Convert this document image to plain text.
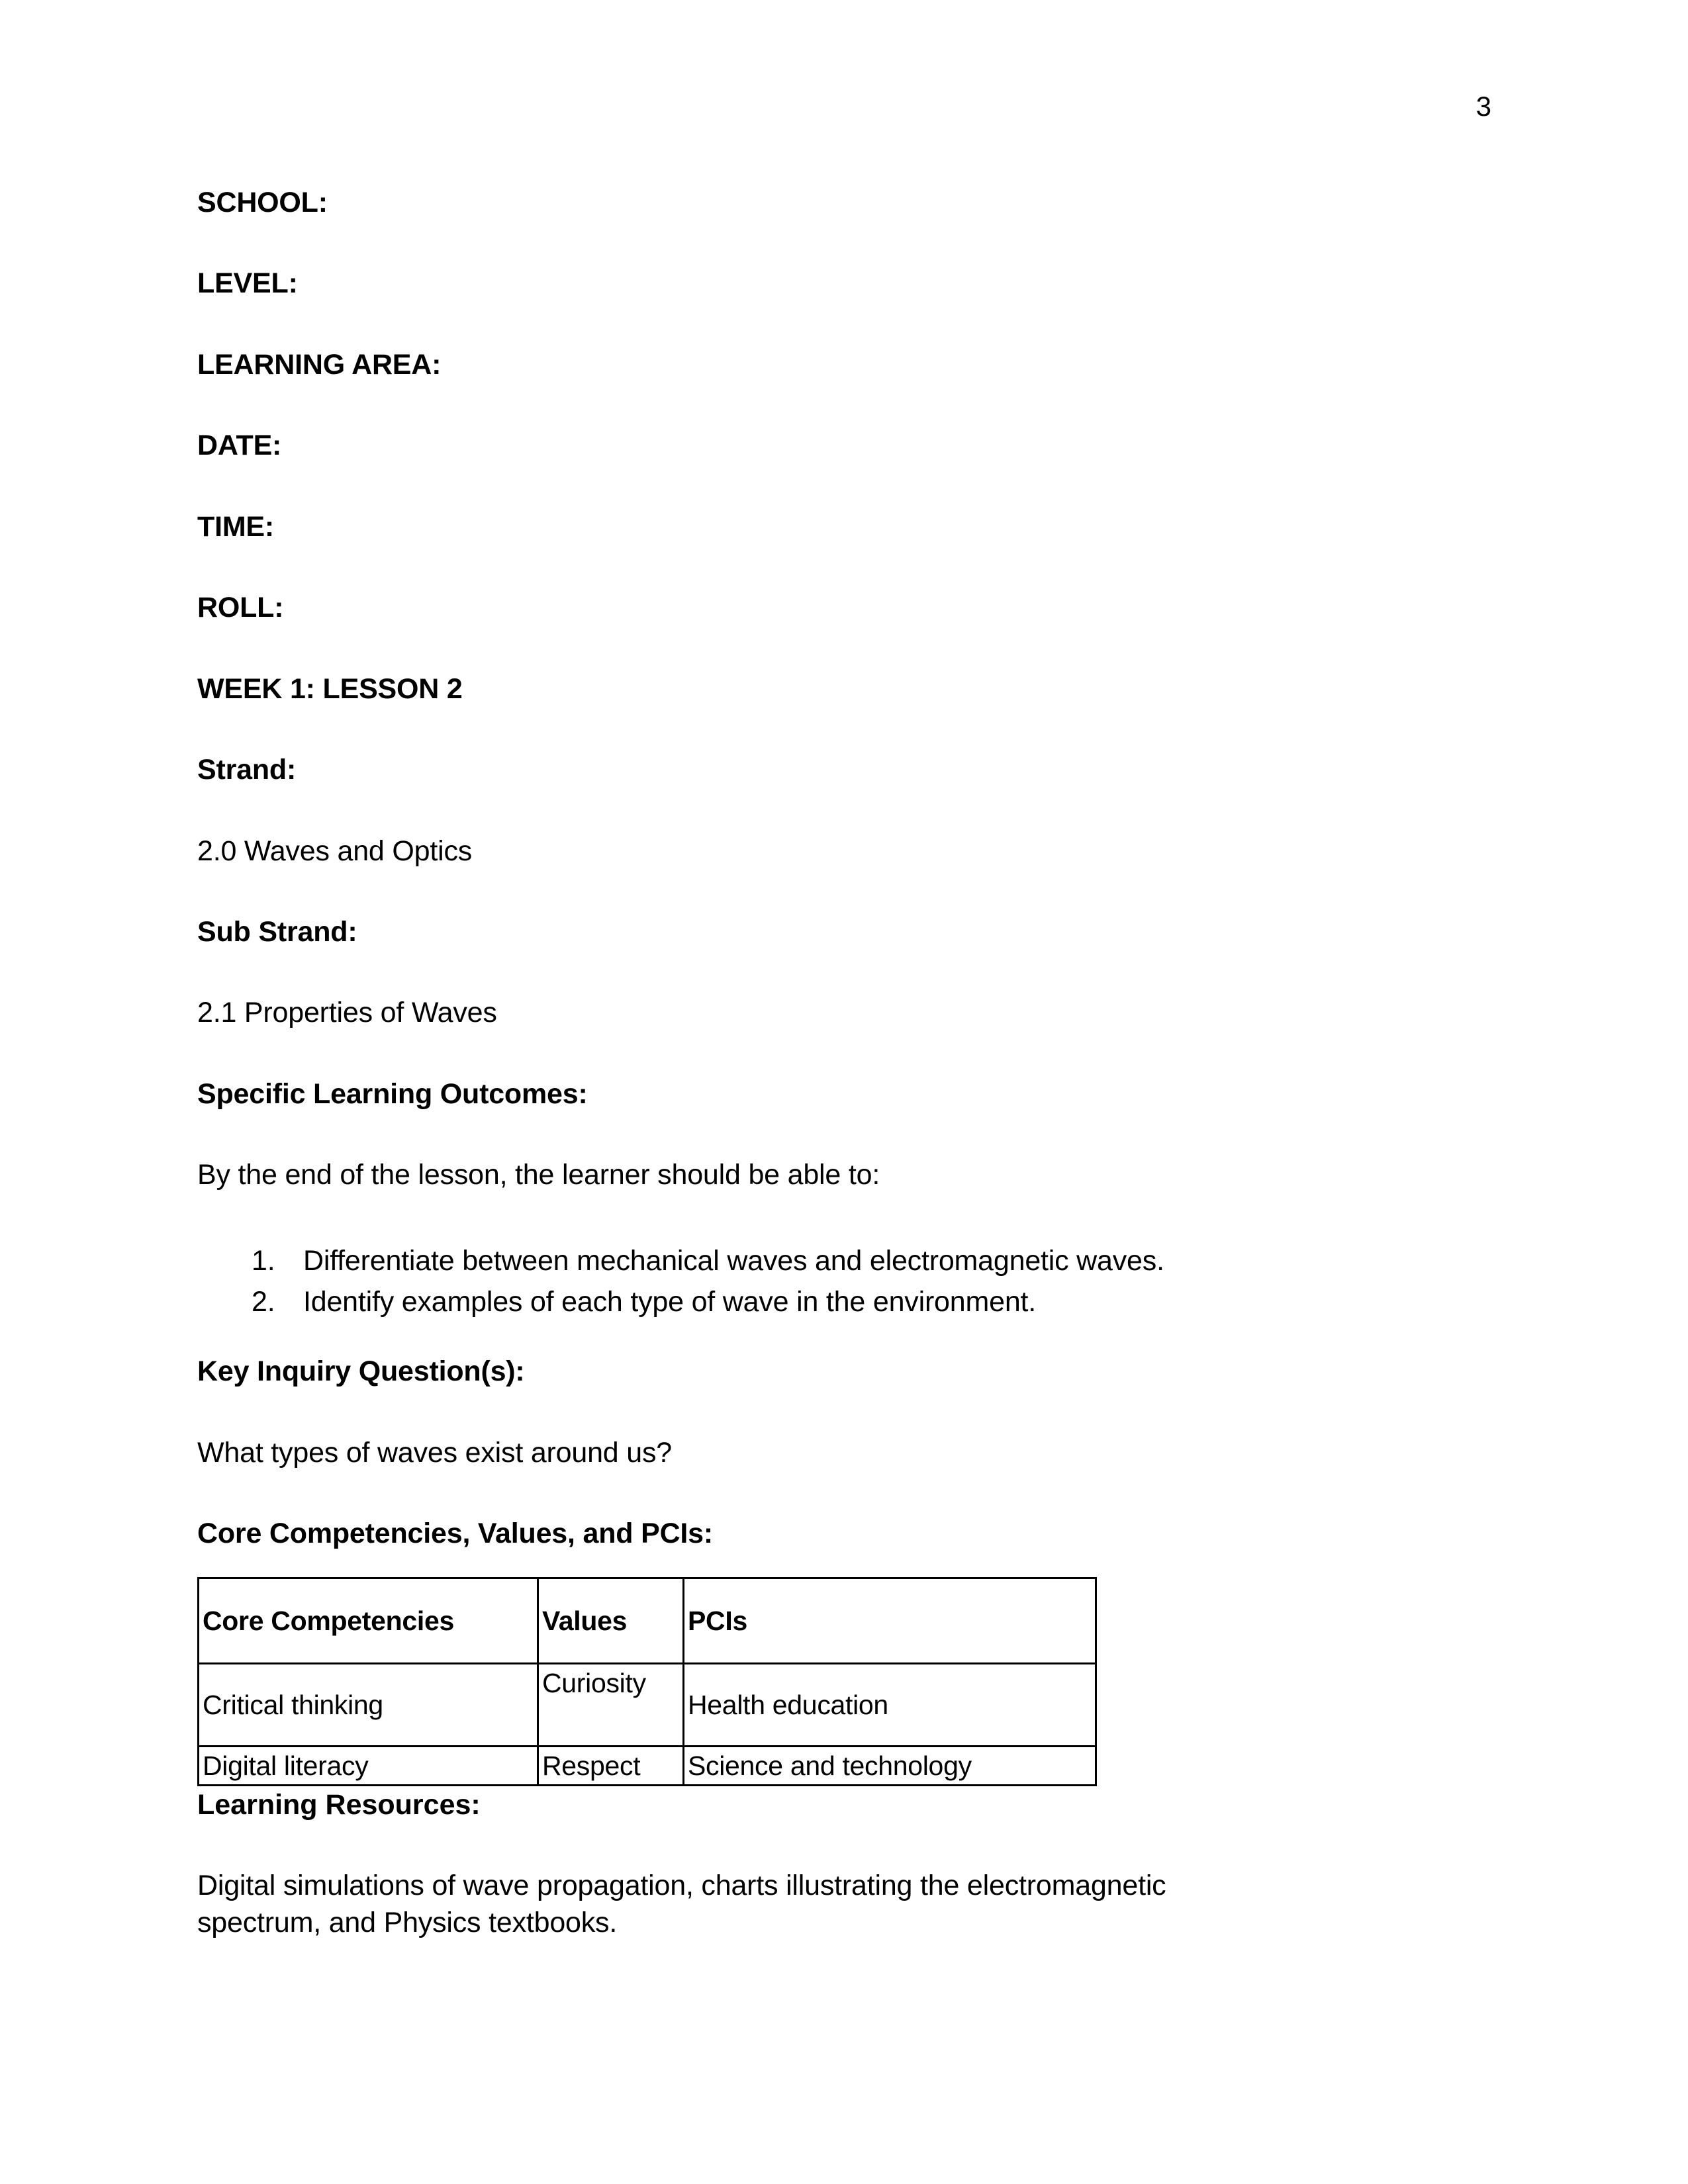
3

SCHOOL:

LEVEL:

LEARNING AREA:

DATE:

TIME:

ROLL:

WEEK 1: LESSON 2

Strand:

2.0 Waves and Optics

Sub Strand:

2.1 Properties of Waves

Specific Learning Outcomes:

By the end of the lesson, the learner should be able to:

Differentiate between mechanical waves and electromagnetic waves.
Identify examples of each type of wave in the environment.

Key Inquiry Question(s):

What types of waves exist around us?

Core Competencies, Values, and PCIs:

Core Competencies	Values	PCIs
Critical thinking	Curiosity	Health education
Digital literacy	Respect	Science and technology

Learning Resources:

Digital simulations of wave propagation, charts illustrating the electromagnetic spectrum, and Physics textbooks.
